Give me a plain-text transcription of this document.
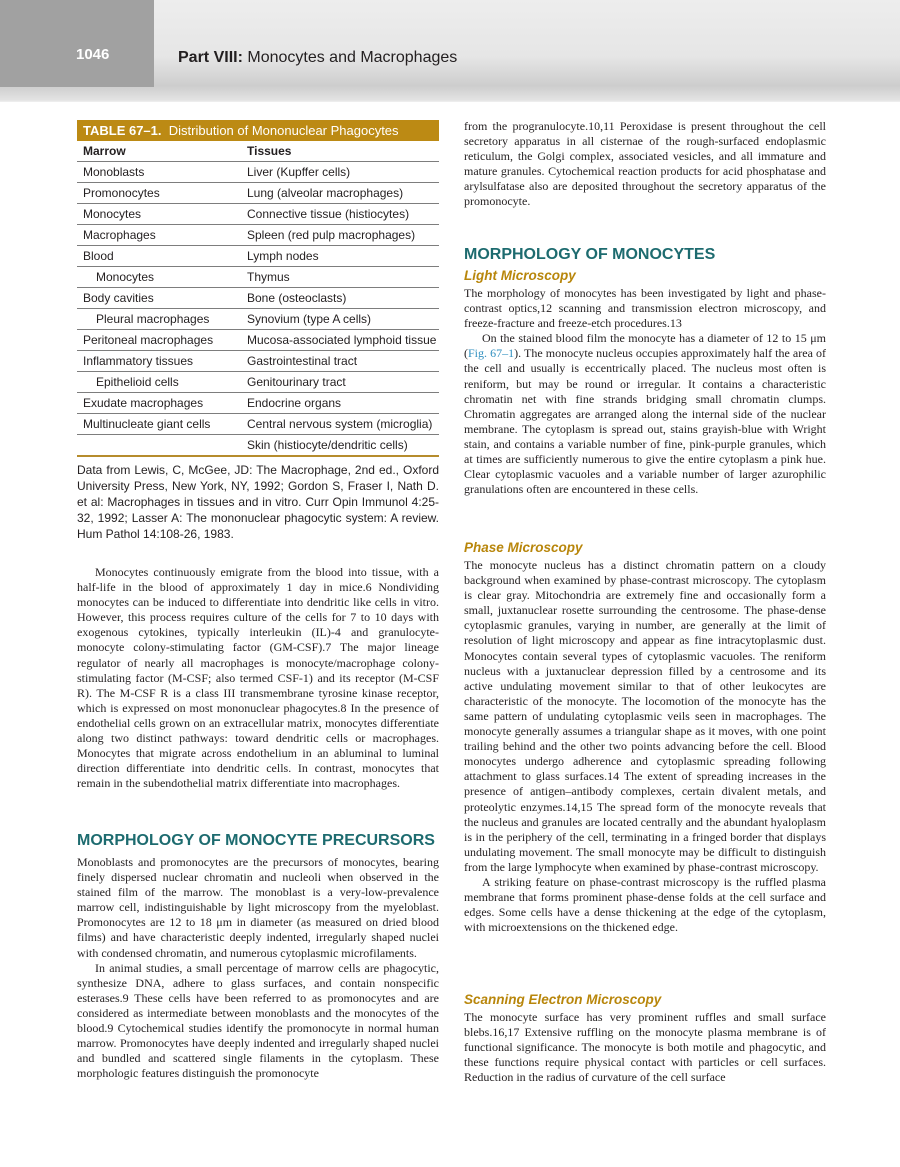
1046	Part VIII: Monocytes and Macrophages
TABLE 67–1. Distribution of Mononuclear Phagocytes
Marrow	Tissues
Monoblasts	Liver (Kupffer cells)
Promonocytes	Lung (alveolar macrophages)
Monocytes	Connective tissue (histiocytes)
Macrophages	Spleen (red pulp macrophages)
Blood	Lymph nodes
Monocytes	Thymus
Body cavities	Bone (osteoclasts)
Pleural macrophages	Synovium (type A cells)
Peritoneal macrophages	Mucosa-associated lymphoid tissue
Inflammatory tissues	Gastrointestinal tract
Epithelioid cells	Genitourinary tract
Exudate macrophages	Endocrine organs
Multinucleate giant cells	Central nervous system (microglia)
	Skin (histiocyte/dendritic cells)
Data from Lewis, C, McGee, JD: The Macrophage, 2nd ed., Oxford University Press, New York, NY, 1992; Gordon S, Fraser I, Nath D. et al: Macrophages in tissues and in vitro. Curr Opin Immunol 4:25-32, 1992; Lasser A: The mononuclear phagocytic system: A review. Hum Pathol 14:108-26, 1983.

Monocytes continuously emigrate from the blood into tissue, with a half-life in the blood of approximately 1 day in mice.6 Nondividing monocytes can be induced to differentiate into dendritic like cells in vitro. However, this process requires culture of the cells for 7 to 10 days with exogenous cytokines, typically interleukin (IL)-4 and granulocyte-monocyte colony-stimulating factor (GM-CSF).7 The major lineage regulator of nearly all macrophages is monocyte/macrophage colony-stimulating factor (M-CSF; also termed CSF-1) and its receptor (M-CSF R). The M-CSF R is a class III transmembrane tyrosine kinase receptor, which is expressed on most mononuclear phagocytes.8 In the presence of endothelial cells grown on an extracellular matrix, monocytes differentiate along two distinct pathways: toward dendritic cells or macrophages. Monocytes that migrate across endothelium in an abluminal to luminal direction differentiate into dendritic cells. In contrast, monocytes that remain in the subendothelial matrix differentiate into macrophages.

MORPHOLOGY OF MONOCYTE PRECURSORS

Monoblasts and promonocytes are the precursors of monocytes, bearing finely dispersed nuclear chromatin and nucleoli when observed in the stained film of the marrow. The monoblast is a very-low-prevalence marrow cell, indistinguishable by light microscopy from the myeloblast. Promonocytes are 12 to 18 μm in diameter (as measured on dried blood films) and have characteristic deeply indented, irregularly shaped nuclei with condensed chromatin, and numerous cytoplasmic microfilaments.

In animal studies, a small percentage of marrow cells are phagocytic, synthesize DNA, adhere to glass surfaces, and contain nonspecific esterases.9 These cells have been referred to as promonocytes and are considered as intermediate between monoblasts and the monocytes of the blood.9 Cytochemical studies identify the promonocyte in normal human marrow. Promonocytes have deeply indented and irregularly shaped nuclei and bundled and scattered single filaments in the cytoplasm. These morphologic features distinguish the promonocyte

from the progranulocyte.10,11 Peroxidase is present throughout the cell secretory apparatus in all cisternae of the rough-surfaced endoplasmic reticulum, the Golgi complex, associated vesicles, and all immature and mature granules. Cytochemical reaction products for acid phosphatase and arylsulfatase also are deposited throughout the secretory apparatus of the promonocyte.

MORPHOLOGY OF MONOCYTES
Light Microscopy

The morphology of monocytes has been investigated by light and phase-contrast optics,12 scanning and transmission electron microscopy, and freeze-fracture and freeze-etch procedures.13

On the stained blood film the monocyte has a diameter of 12 to 15 μm (Fig. 67–1). The monocyte nucleus occupies approximately half the area of the cell and usually is eccentrically placed. The nucleus most often is reniform, but may be round or irregular. It contains a characteristic chromatin net with fine strands bridging small chromatin clumps. Chromatin aggregates are arranged along the internal side of the nuclear membrane. The cytoplasm is spread out, stains grayish-blue with Wright stain, and contains a variable number of fine, pink-purple granules, which at times are sufficiently numerous to give the entire cytoplasm a pink hue. Clear cytoplasmic vacuoles and a variable number of larger azurophilic granulations often are encountered in these cells.

Phase Microscopy

The monocyte nucleus has a distinct chromatin pattern on a cloudy background when examined by phase-contrast microscopy. The cytoplasm is clear gray. Mitochondria are extremely fine and occasionally form a small, juxtanuclear rosette surrounding the centrosome. The phase-dense cytoplasmic granules, varying in number, are generally at the limit of resolution of light microscopy and appear as fine intracytoplasmic dust. Monocytes contain several types of cytoplasmic vacuoles. The reniform nucleus with a juxtanuclear depression filled by a centrosome and its active undulating movement similar to that of other leukocytes are characteristic of the monocyte. The locomotion of the monocyte has the same pattern of undulating cytoplasmic veils seen in macrophages. The monocyte generally assumes a triangular shape as it moves, with one point trailing behind and the other two points advancing before the cell. Blood monocytes undergo adherence and cytoplasmic spreading following attachment to glass surfaces.14 The extent of spreading increases in the presence of antigen–antibody complexes, certain divalent metals, and proteolytic enzymes.14,15 The spread form of the monocyte reveals that the nucleus and granules are located centrally and the abundant hyaloplasm is in the periphery of the cell, terminating in a fringed border that displays undulating movement. The small monocyte may be difficult to distinguish from the large lymphocyte when examined by phase-contrast microscopy.

A striking feature on phase-contrast microscopy is the ruffled plasma membrane that forms prominent phase-dense folds at the cell surface and edges. Some cells have a dense thickening at the edge of the cytoplasm, with microextensions on the thickened edge.

Scanning Electron Microscopy

The monocyte surface has very prominent ruffles and small surface blebs.16,17 Extensive ruffling on the monocyte plasma membrane is of functional significance. The monocyte is both motile and phagocytic, and these functions require physical contact with particles or cell surfaces. Reduction in the radius of curvature of the cell surface
